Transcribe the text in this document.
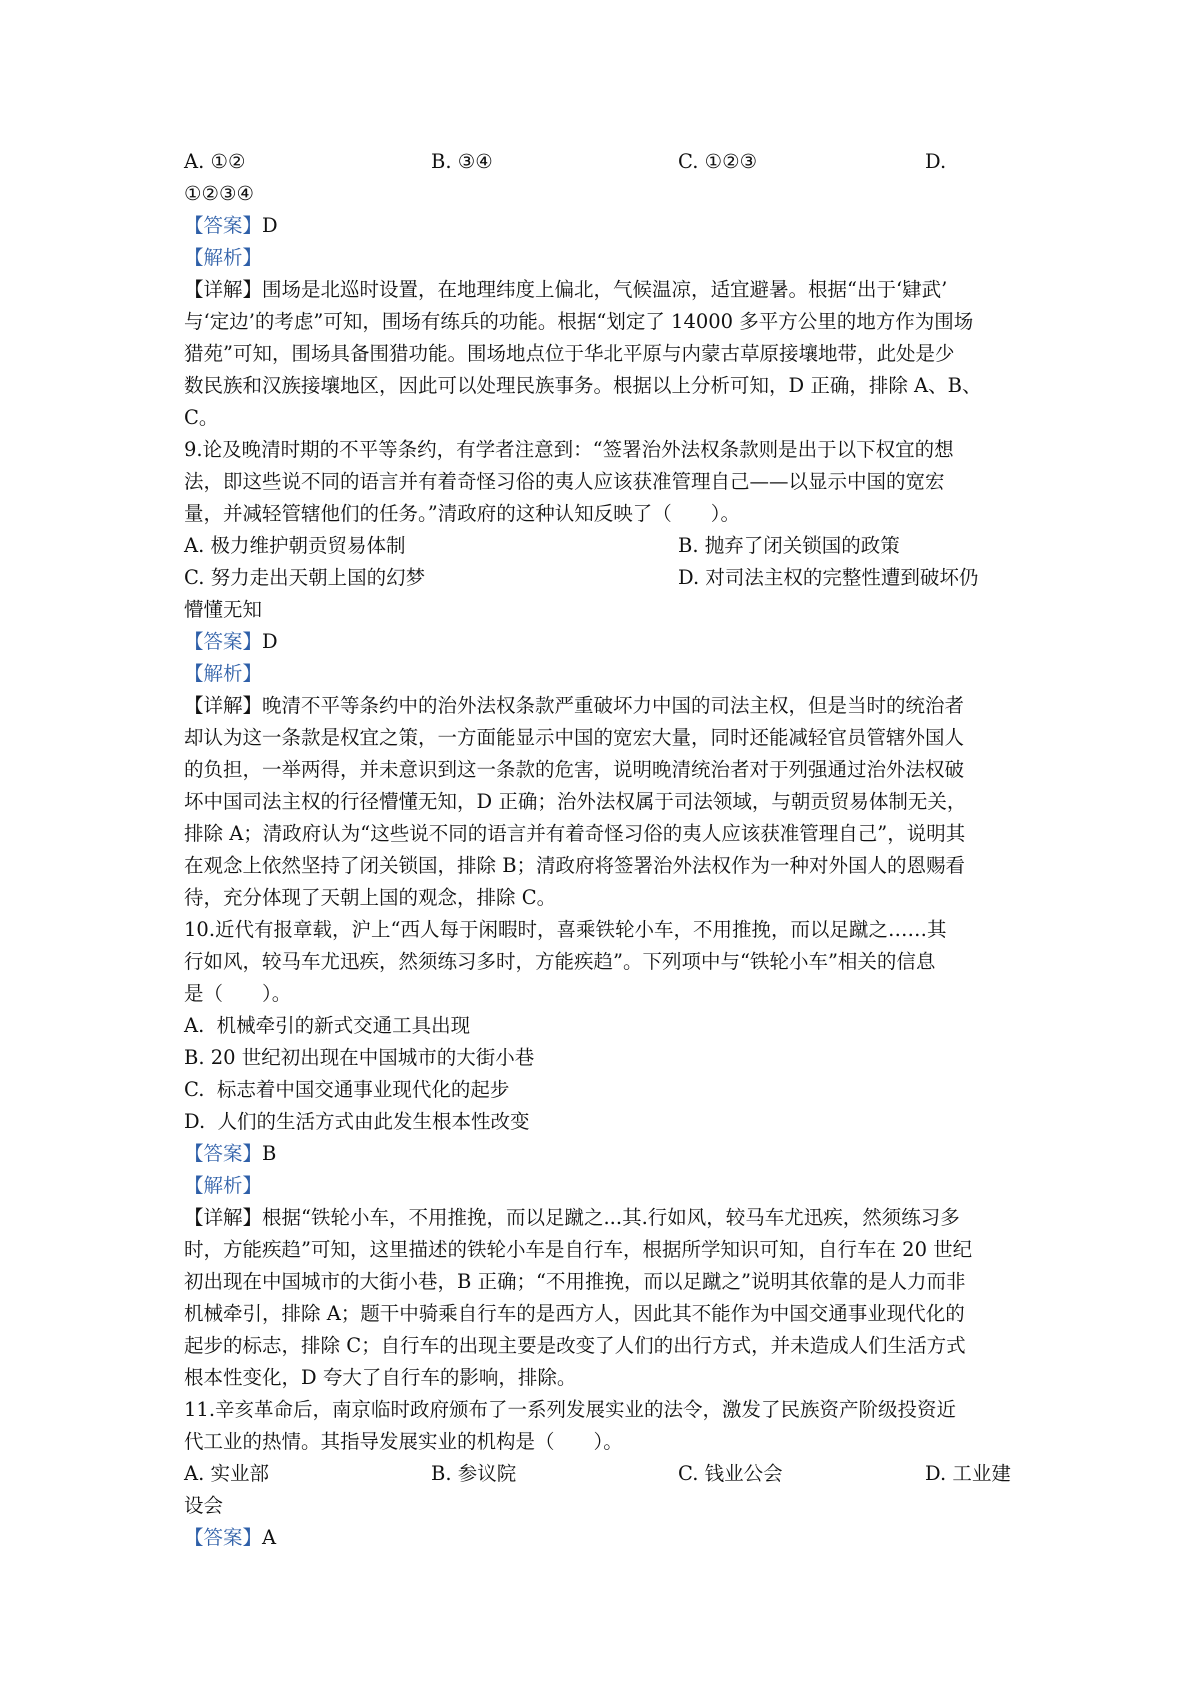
A. ①②	B. ③④	C. ①②③	D.
①②③④
【答案】D
【解析】
【详解】围场是北巡时设置，在地理纬度上偏北，气候温凉，适宜避暑。根据“出于‘肄武’
与‘定边’的考虑”可知，围场有练兵的功能。根据“划定了 14000 多平方公里的地方作为围场
猎苑”可知，围场具备围猎功能。围场地点位于华北平原与内蒙古草原接壤地带，此处是少
数民族和汉族接壤地区，因此可以处理民族事务。根据以上分析可知，D 正确，排除 A、B、
C。
9.论及晚清时期的不平等条约，有学者注意到：“签署治外法权条款则是出于以下权宜的想
法，即这些说不同的语言并有着奇怪习俗的夷人应该获准管理自己——以显示中国的宽宏
量，并减轻管辖他们的任务。”清政府的这种认知反映了（　　）。
A. 极力维护朝贡贸易体制	B. 抛弃了闭关锁国的政策
C. 努力走出天朝上国的幻梦	D. 对司法主权的完整性遭到破坏仍
懵懂无知
【答案】D
【解析】
【详解】晚清不平等条约中的治外法权条款严重破坏力中国的司法主权，但是当时的统治者
却认为这一条款是权宜之策，一方面能显示中国的宽宏大量，同时还能减轻官员管辖外国人
的负担，一举两得，并未意识到这一条款的危害，说明晚清统治者对于列强通过治外法权破
坏中国司法主权的行径懵懂无知，D 正确；治外法权属于司法领域，与朝贡贸易体制无关，
排除 A；清政府认为“这些说不同的语言并有着奇怪习俗的夷人应该获准管理自己”，说明其
在观念上依然坚持了闭关锁国，排除 B；清政府将签署治外法权作为一种对外国人的恩赐看
待，充分体现了天朝上国的观念，排除 C。
10.近代有报章载，沪上“西人每于闲暇时，喜乘铁轮小车，不用推挽，而以足蹴之……其
行如风，较马车尤迅疾，然须练习多时，方能疾趋”。下列项中与“铁轮小车”相关的信息
是（　　）。
A.  机械牵引的新式交通工具出现
B. 20 世纪初出现在中国城市的大街小巷
C.  标志着中国交通事业现代化的起步
D.  人们的生活方式由此发生根本性改变
【答案】B
【解析】
【详解】根据“铁轮小车，不用推挽，而以足蹴之...其.行如风，较马车尤迅疾，然须练习多
时，方能疾趋”可知，这里描述的铁轮小车是自行车，根据所学知识可知，自行车在 20 世纪
初出现在中国城市的大街小巷，B 正确；“不用推挽，而以足蹴之”说明其依靠的是人力而非
机械牵引，排除 A；题干中骑乘自行车的是西方人，因此其不能作为中国交通事业现代化的
起步的标志，排除 C；自行车的出现主要是改变了人们的出行方式，并未造成人们生活方式
根本性变化，D 夸大了自行车的影响，排除。
11.辛亥革命后，南京临时政府颁布了一系列发展实业的法令，激发了民族资产阶级投资近
代工业的热情。其指导发展实业的机构是（　　）。
A. 实业部	B. 参议院	C. 钱业公会	D. 工业建
设会
【答案】A
